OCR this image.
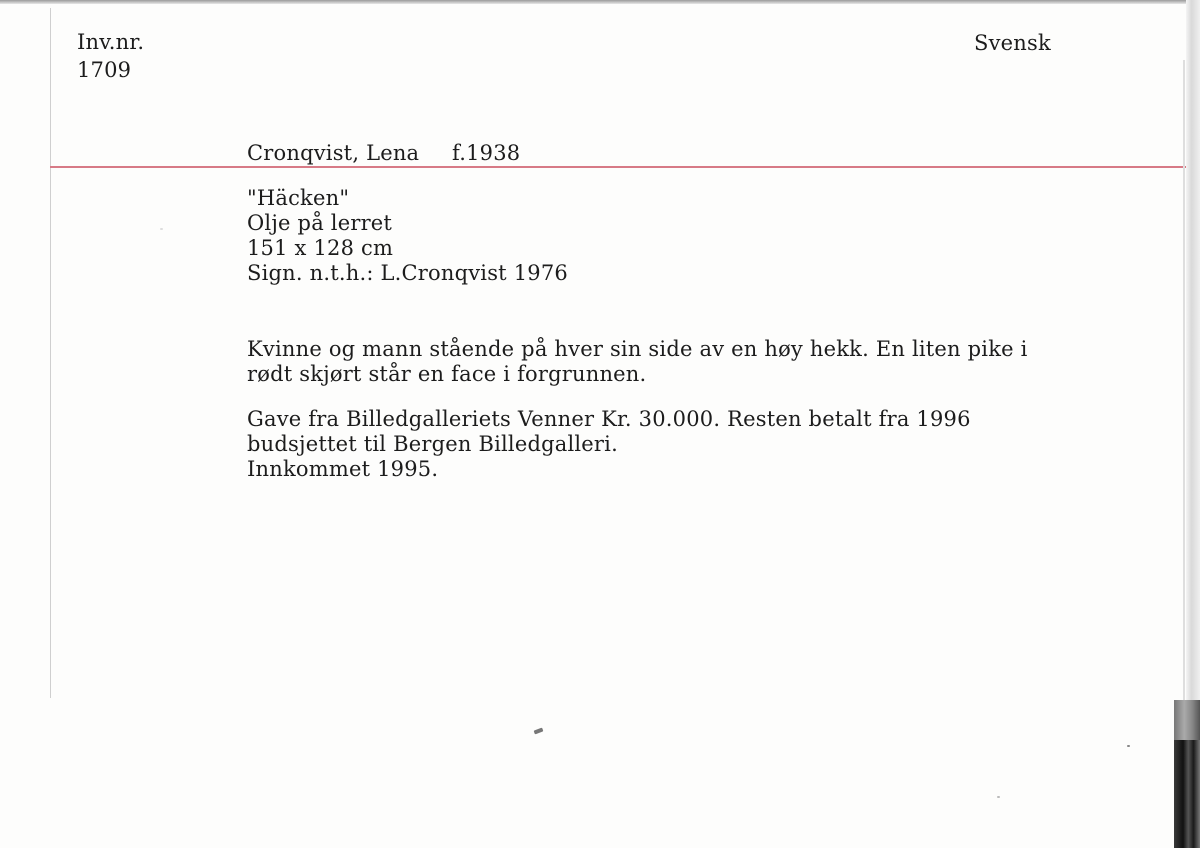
Inv.nr.
1709
Svensk
Cronqvist, Lena f.1938
"Häcken"
Olje på lerret
151 x 128 cm
Sign. n.t.h.: L.Cronqvist 1976
Kvinne og mann stående på hver sin side av en høy hekk. En liten pike i
rødt skjørt står en face i forgrunnen.
Gave fra Billedgalleriets Venner Kr. 30.000. Resten betalt fra 1996
budsjettet til Bergen Billedgalleri.
Innkommet 1995.
